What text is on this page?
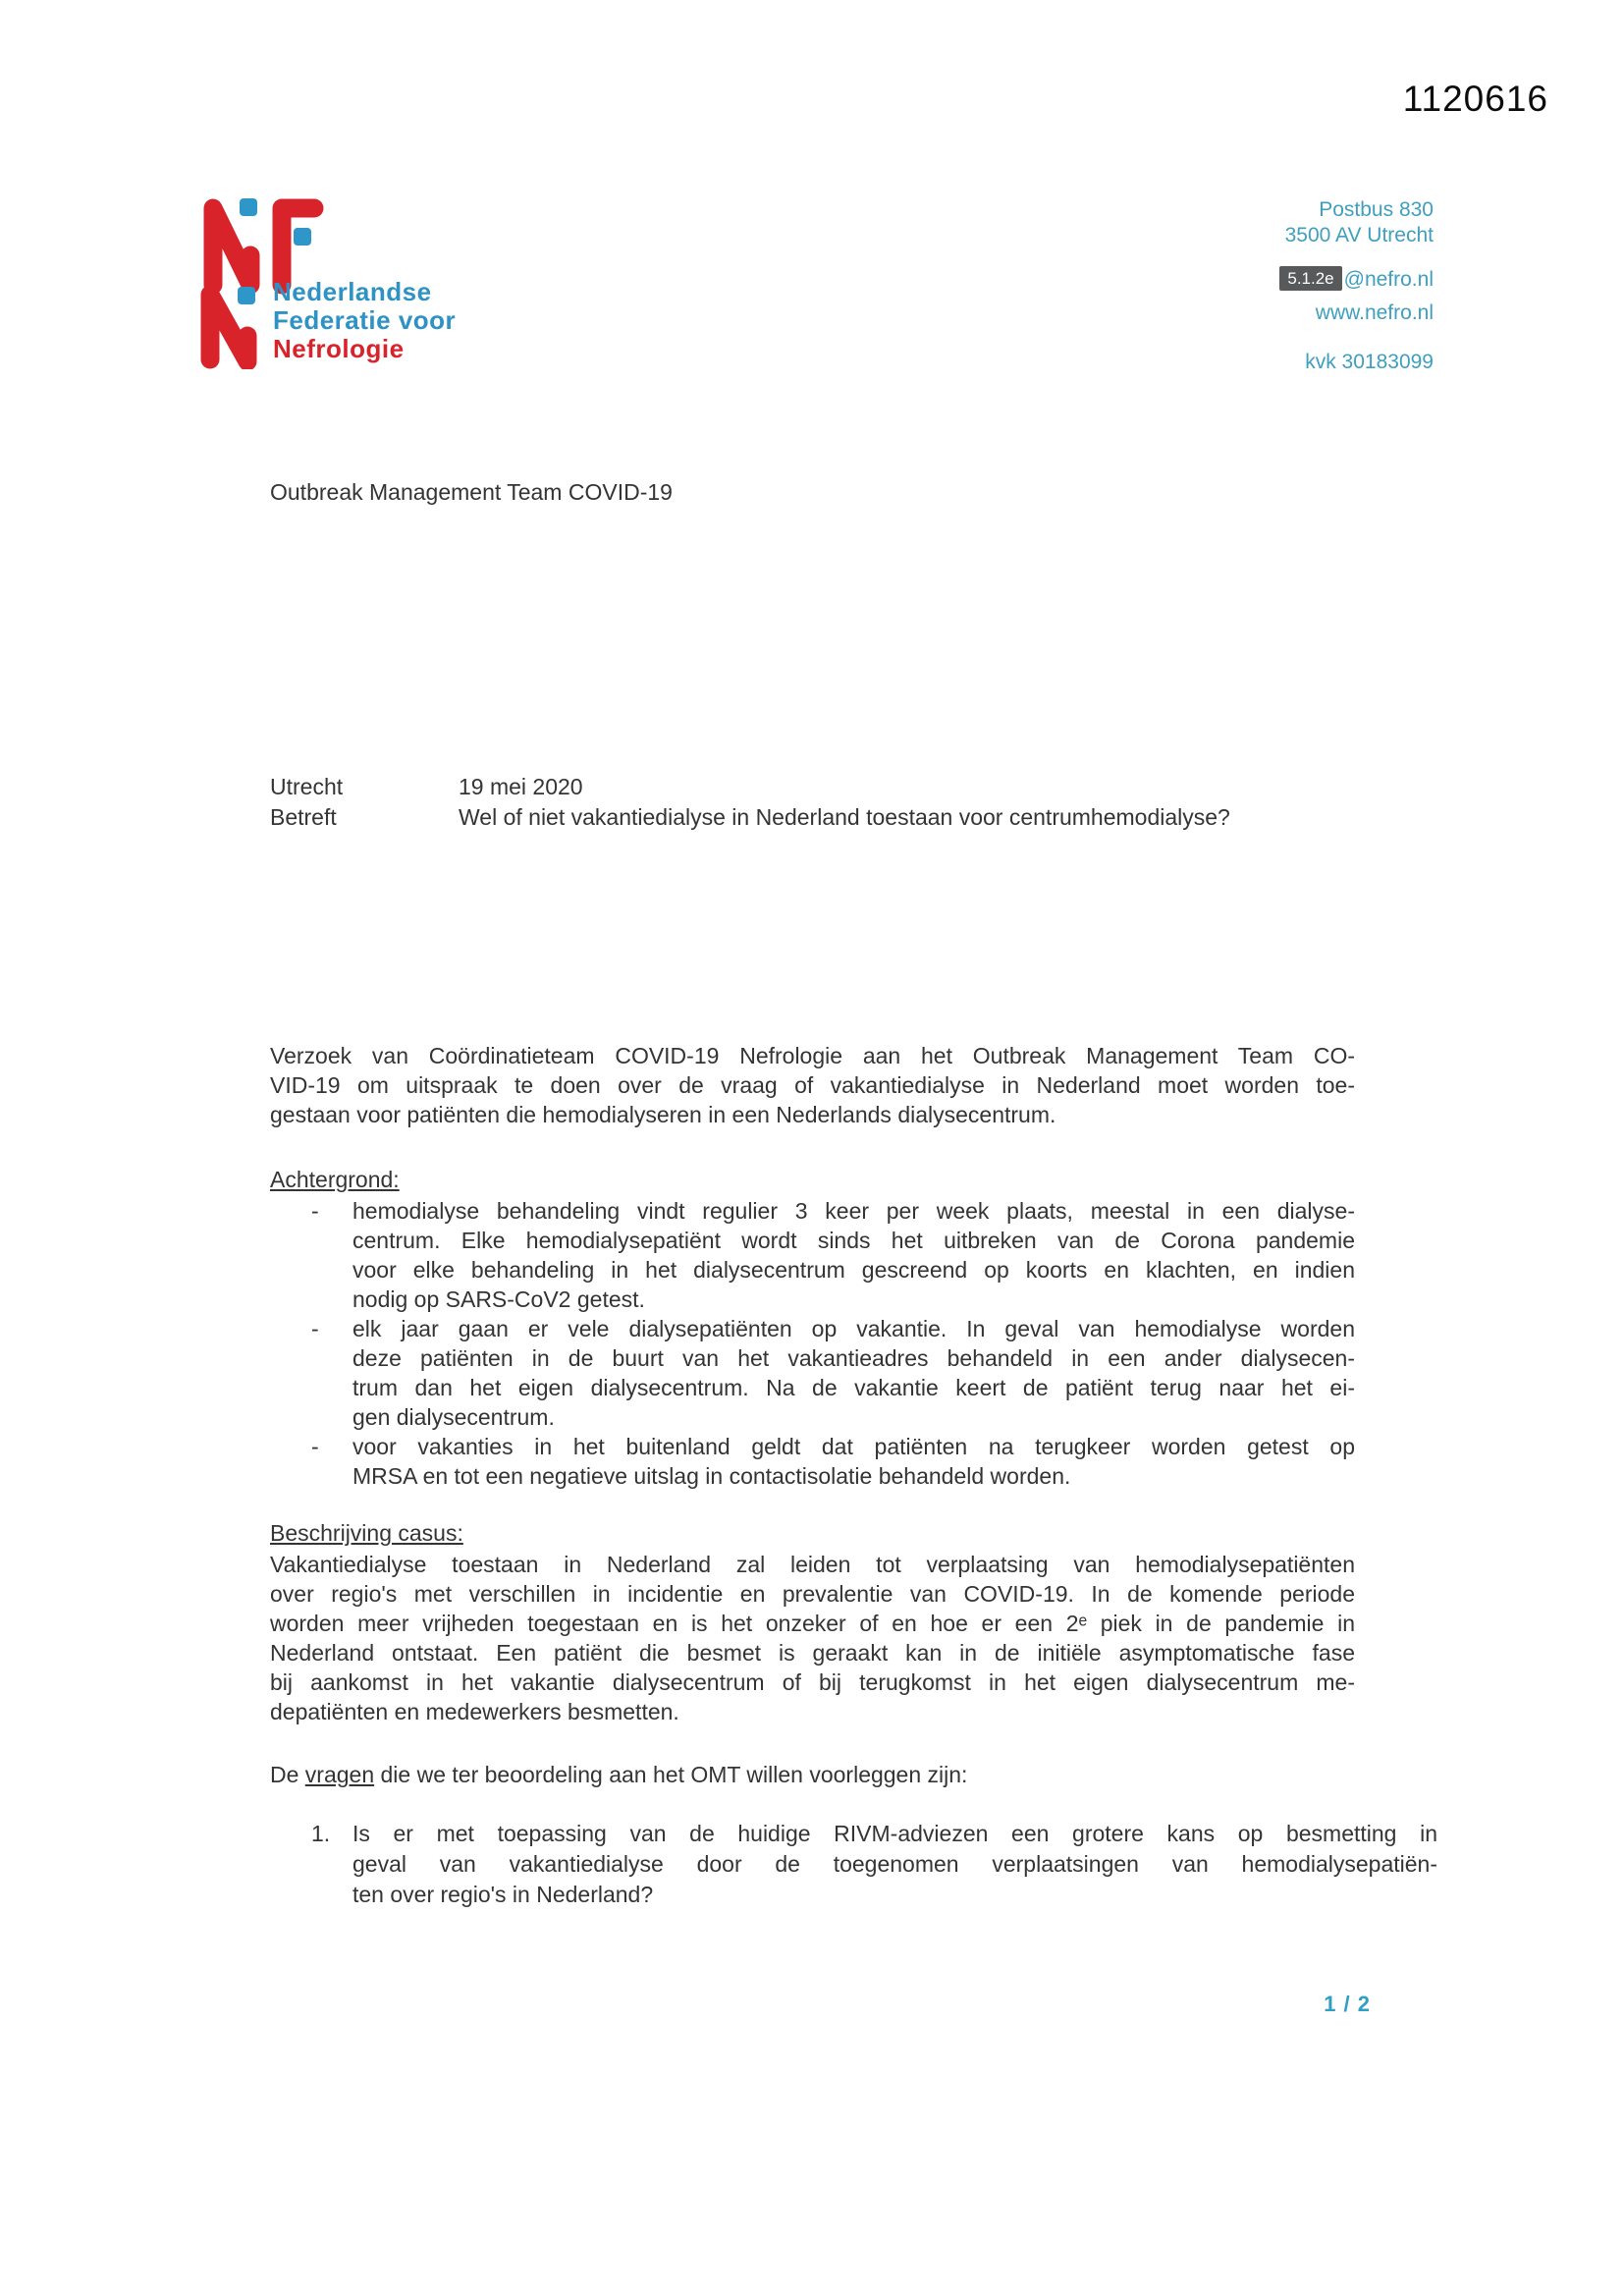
1120616
Nederlandse
Federatie voor
Nefrologie
Postbus 830
3500 AV Utrecht
5.1.2e @nefro.nl
www.nefro.nl
kvk 30183099
Outbreak Management Team COVID-19
Utrecht	19 mei 2020
Betreft	Wel of niet vakantiedialyse in Nederland toestaan voor centrumhemodialyse?
Verzoek van Coördinatieteam COVID-19 Nefrologie aan het Outbreak Management Team CO-
VID-19 om uitspraak te doen over de vraag of vakantiedialyse in Nederland moet worden toe-
gestaan voor patiënten die hemodialyseren in een Nederlands dialysecentrum.
Achtergrond:
- hemodialyse behandeling vindt regulier 3 keer per week plaats, meestal in een dialyse-
centrum. Elke hemodialysepatiënt wordt sinds het uitbreken van de Corona pandemie
voor elke behandeling in het dialysecentrum gescreend op koorts en klachten, en indien
nodig op SARS-CoV2 getest.
- elk jaar gaan er vele dialysepatiënten op vakantie. In geval van hemodialyse worden
deze patiënten in de buurt van het vakantieadres behandeld in een ander dialysecen-
trum dan het eigen dialysecentrum. Na de vakantie keert de patiënt terug naar het ei-
gen dialysecentrum.
- voor vakanties in het buitenland geldt dat patiënten na terugkeer worden getest op
MRSA en tot een negatieve uitslag in contactisolatie behandeld worden.
Beschrijving casus:
Vakantiedialyse toestaan in Nederland zal leiden tot verplaatsing van hemodialysepatiënten
over regio's met verschillen in incidentie en prevalentie van COVID-19. In de komende periode
worden meer vrijheden toegestaan en is het onzeker of en hoe er een 2ᵉ piek in de pandemie in
Nederland ontstaat. Een patiënt die besmet is geraakt kan in de initiële asymptomatische fase
bij aankomst in het vakantie dialysecentrum of bij terugkomst in het eigen dialysecentrum me-
depatiënten en medewerkers besmetten.
De vragen die we ter beoordeling aan het OMT willen voorleggen zijn:
1. Is er met toepassing van de huidige RIVM-adviezen een grotere kans op besmetting in
geval van vakantiedialyse door de toegenomen verplaatsingen van hemodialysepatiën-
ten over regio's in Nederland?
1 / 2
